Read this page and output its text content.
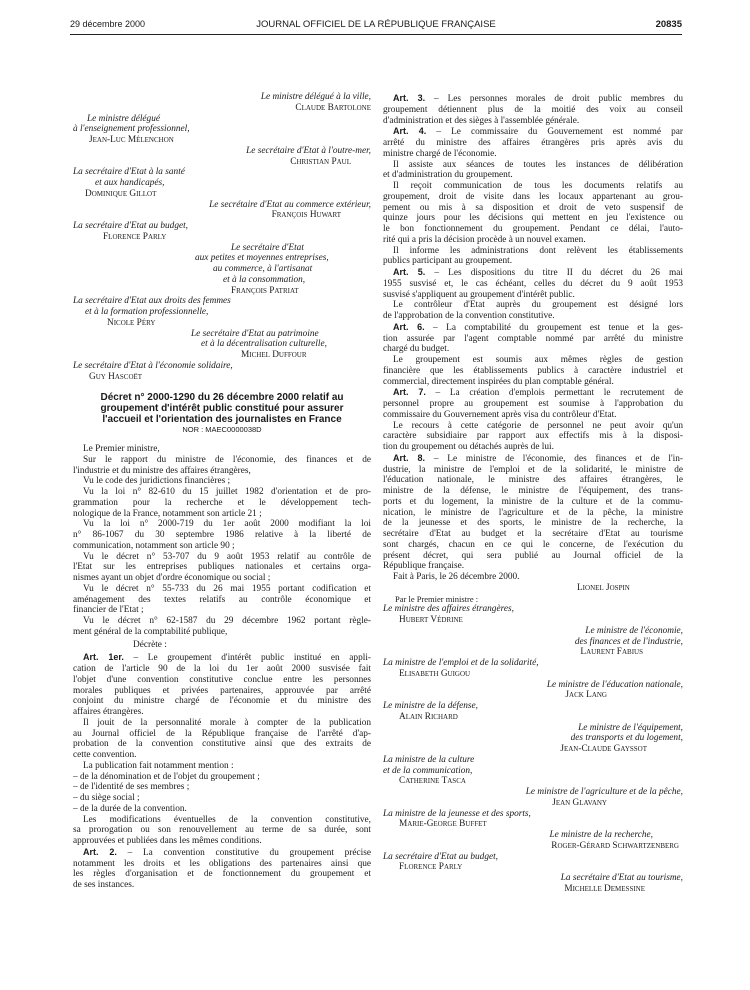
29 décembre 2000	JOURNAL OFFICIEL DE LA RÉPUBLIQUE FRANÇAISE	20835
Le ministre délégué à la ville,
Claude Bartolone
Le ministre délégué
à l'enseignement professionnel,
Jean-Luc Mélenchon
Le secrétaire d'Etat à l'outre-mer,
Christian Paul
La secrétaire d'Etat à la santé
et aux handicapés,
Dominique Gillot
Le secrétaire d'Etat au commerce extérieur,
François Huwart
La secrétaire d'Etat au budget,
Florence Parly
Le secrétaire d'Etat
aux petites et moyennes entreprises,
au commerce, à l'artisanat
et à la consommation,
François Patriat
La secrétaire d'Etat aux droits des femmes
et à la formation professionnelle,
Nicole Péry
Le secrétaire d'Etat au patrimoine
et à la décentralisation culturelle,
Michel Duffour
Le secrétaire d'Etat à l'économie solidaire,
Guy Hascoët
Décret n° 2000-1290 du 26 décembre 2000 relatif au
groupement d'intérêt public constitué pour assurer
l'accueil et l'orientation des journalistes en France
NOR : MAEC0000038D
Le Premier ministre,
Sur le rapport du ministre de l'économie, des finances et de
l'industrie et du ministre des affaires étrangères,
Vu le code des juridictions financières ;
Vu la loi n° 82-610 du 15 juillet 1982 d'orientation et de pro-
grammation pour la recherche et le développement tech-
nologique de la France, notamment son article 21 ;
Vu la loi n° 2000-719 du 1er août 2000 modifiant la loi
n° 86-1067 du 30 septembre 1986 relative à la liberté de
communication, notamment son article 90 ;
Vu le décret n° 53-707 du 9 août 1953 relatif au contrôle de
l'Etat sur les entreprises publiques nationales et certains orga-
nismes ayant un objet d'ordre économique ou social ;
Vu le décret n° 55-733 du 26 mai 1955 portant codification et
aménagement des textes relatifs au contrôle économique et
financier de l'Etat ;
Vu le décret n° 62-1587 du 29 décembre 1962 portant règle-
ment général de la comptabilité publique,
Décrète :
Art. 1er. – Le groupement d'intérêt public institué en appli-
cation de l'article 90 de la loi du 1er août 2000 susvisée fait
l'objet d'une convention constitutive conclue entre les personnes
morales publiques et privées partenaires, approuvée par arrêté
conjoint du ministre chargé de l'économie et du ministre des
affaires étrangères.
Il jouit de la personnalité morale à compter de la publication
au Journal officiel de la République française de l'arrêté d'ap-
probation de la convention constitutive ainsi que des extraits de
cette convention.
La publication fait notamment mention :
– de la dénomination et de l'objet du groupement ;
– de l'identité de ses membres ;
– du siège social ;
– de la durée de la convention.
Les modifications éventuelles de la convention constitutive,
sa prorogation ou son renouvellement au terme de sa durée, sont
approuvées et publiées dans les mêmes conditions.
Art. 2. – La convention constitutive du groupement précise
notamment les droits et les obligations des partenaires ainsi que
les règles d'organisation et de fonctionnement du groupement et
de ses instances.
Art. 3. – Les personnes morales de droit public membres du
groupement détiennent plus de la moitié des voix au conseil
d'administration et des sièges à l'assemblée générale.
Art. 4. – Le commissaire du Gouvernement est nommé par
arrêté du ministre des affaires étrangères pris après avis du
ministre chargé de l'économie.
Il assiste aux séances de toutes les instances de délibération
et d'administration du groupement.
Il reçoit communication de tous les documents relatifs au
groupement, droit de visite dans les locaux appartenant au grou-
pement ou mis à sa disposition et droit de veto suspensif de
quinze jours pour les décisions qui mettent en jeu l'existence ou
le bon fonctionnement du groupement. Pendant ce délai, l'auto-
rité qui a pris la décision procède à un nouvel examen.
Il informe les administrations dont relèvent les établissements
publics participant au groupement.
Art. 5. – Les dispositions du titre II du décret du 26 mai
1955 susvisé et, le cas échéant, celles du décret du 9 août 1953
susvisé s'appliquent au groupement d'intérêt public.
Le contrôleur d'Etat auprès du groupement est désigné lors
de l'approbation de la convention constitutive.
Art. 6. – La comptabilité du groupement est tenue et la ges-
tion assurée par l'agent comptable nommé par arrêté du ministre
chargé du budget.
Le groupement est soumis aux mêmes règles de gestion
financière que les établissements publics à caractère industriel et
commercial, directement inspirées du plan comptable général.
Art. 7. – La création d'emplois permettant le recrutement de
personnel propre au groupement est soumise à l'approbation du
commissaire du Gouvernement après visa du contrôleur d'Etat.
Le recours à cette catégorie de personnel ne peut avoir qu'un
caractère subsidiaire par rapport aux effectifs mis à la disposi-
tion du groupement ou détachés auprès de lui.
Art. 8. – Le ministre de l'économie, des finances et de l'in-
dustrie, la ministre de l'emploi et de la solidarité, le ministre de
l'éducation nationale, le ministre des affaires étrangères, le
ministre de la défense, le ministre de l'équipement, des trans-
ports et du logement, la ministre de la culture et de la commu-
nication, le ministre de l'agriculture et de la pêche, la ministre
de la jeunesse et des sports, le ministre de la recherche, la
secrétaire d'Etat au budget et la secrétaire d'Etat au tourisme
sont chargés, chacun en ce qui le concerne, de l'exécution du
présent décret, qui sera publié au Journal officiel de la
République française.
Fait à Paris, le 26 décembre 2000.
Lionel Jospin
Par le Premier ministre :
Le ministre des affaires étrangères,
Hubert Védrine
Le ministre de l'économie,
des finances et de l'industrie,
Laurent Fabius
La ministre de l'emploi et de la solidarité,
Élisabeth Guigou
Le ministre de l'éducation nationale,
Jack Lang
Le ministre de la défense,
Alain Richard
Le ministre de l'équipement,
des transports et du logement,
Jean-Claude Gayssot
La ministre de la culture
et de la communication,
Catherine Tasca
Le ministre de l'agriculture et de la pêche,
Jean Glavany
La ministre de la jeunesse et des sports,
Marie-George Buffet
Le ministre de la recherche,
Roger-Gérard Schwartzenberg
La secrétaire d'Etat au budget,
Florence Parly
La secrétaire d'Etat au tourisme,
Michelle Demessine
